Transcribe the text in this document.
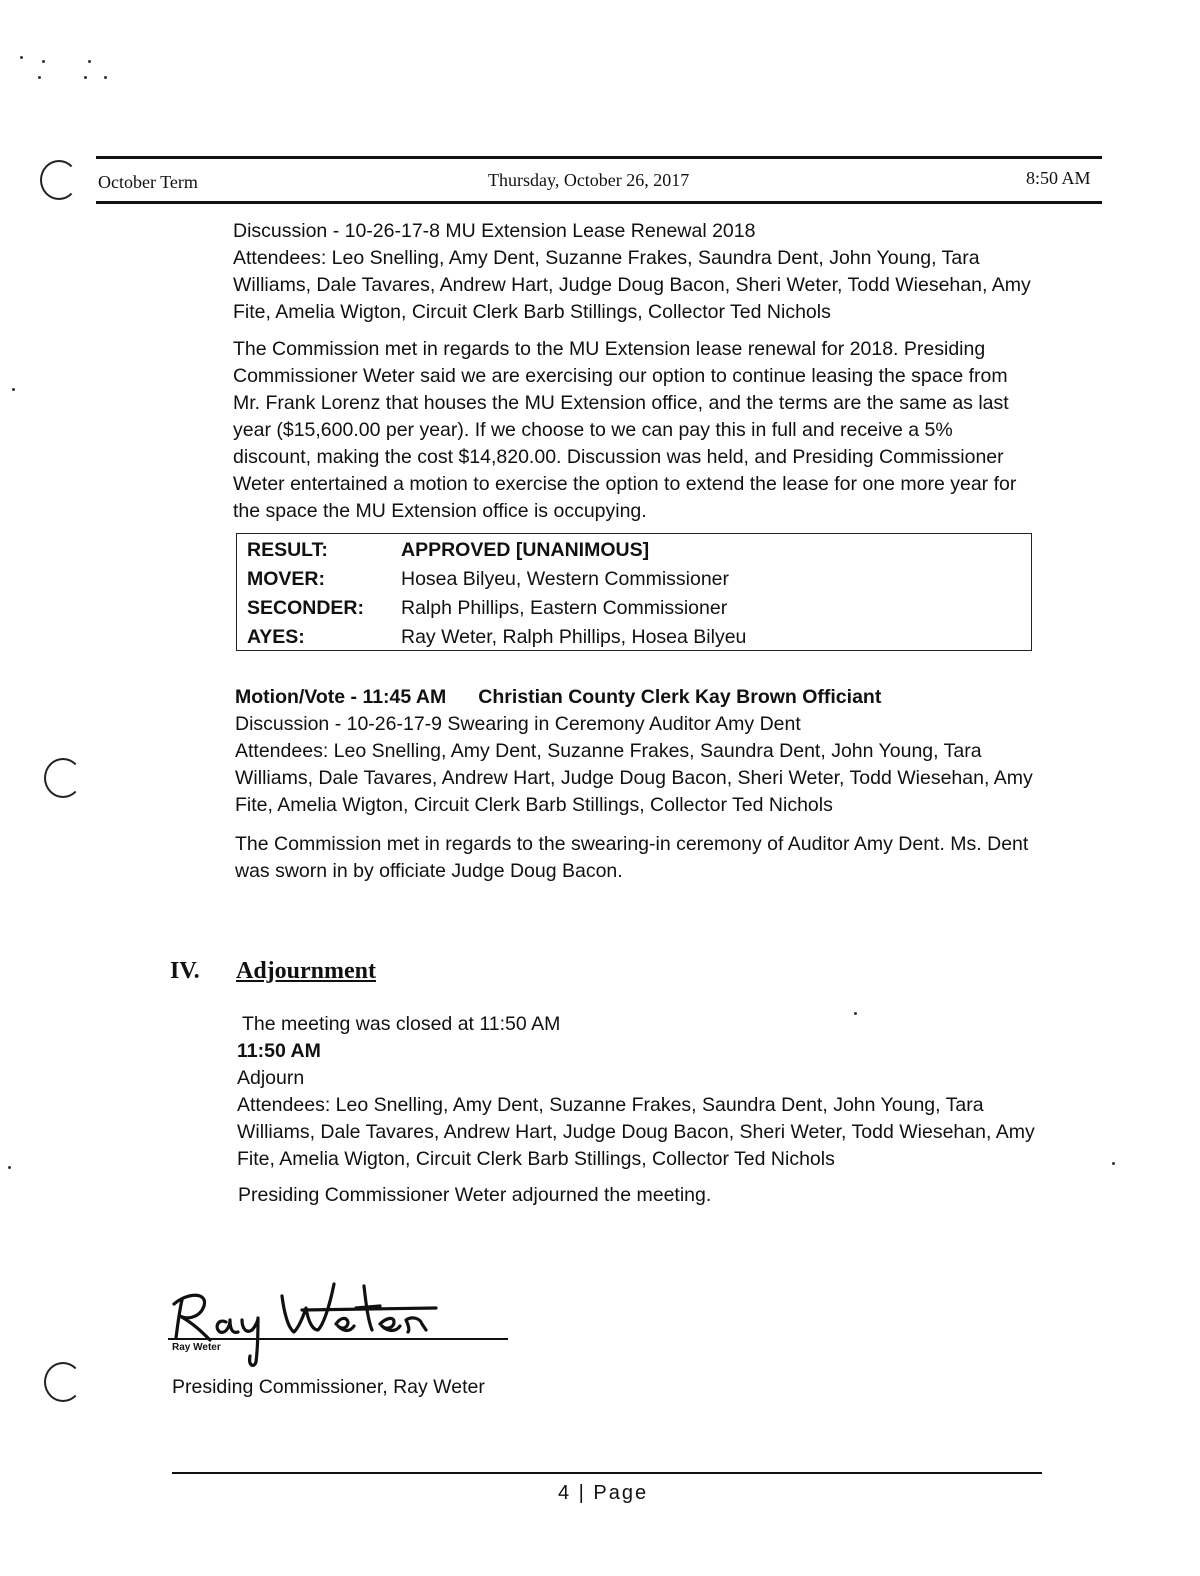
October Term	Thursday, October 26, 2017	8:50 AM

Discussion - 10-26-17-8 MU Extension Lease Renewal 2018

Attendees: Leo Snelling, Amy Dent, Suzanne Frakes, Saundra Dent, John Young, Tara Williams, Dale Tavares, Andrew Hart, Judge Doug Bacon, Sheri Weter, Todd Wiesehan, Amy Fite, Amelia Wigton, Circuit Clerk Barb Stillings, Collector Ted Nichols

The Commission met in regards to the MU Extension lease renewal for 2018. Presiding Commissioner Weter said we are exercising our option to continue leasing the space from Mr. Frank Lorenz that houses the MU Extension office, and the terms are the same as last year ($15,600.00 per year). If we choose to we can pay this in full and receive a 5% discount, making the cost $14,820.00. Discussion was held, and Presiding Commissioner Weter entertained a motion to exercise the option to extend the lease for one more year for the space the MU Extension office is occupying.
RESULT:	APPROVED [UNANIMOUS]
MOVER:	Hosea Bilyeu, Western Commissioner
SECONDER: Ralph Phillips, Eastern Commissioner
AYES:	Ray Weter, Ralph Phillips, Hosea Bilyeu

Motion/Vote - 11:45 AM Christian County Clerk Kay Brown Officiant

Discussion - 10-26-17-9 Swearing in Ceremony Auditor Amy Dent

Attendees: Leo Snelling, Amy Dent, Suzanne Frakes, Saundra Dent, John Young, Tara Williams, Dale Tavares, Andrew Hart, Judge Doug Bacon, Sheri Weter, Todd Wiesehan, Amy Fite, Amelia Wigton, Circuit Clerk Barb Stillings, Collector Ted Nichols

The Commission met in regards to the swearing-in ceremony of Auditor Amy Dent. Ms. Dent was sworn in by officiate Judge Doug Bacon.
IV. Adjournment
The meeting was closed at 11:50 AM

11:50 AM

Adjourn

Attendees: Leo Snelling, Amy Dent, Suzanne Frakes, Saundra Dent, John Young, Tara Williams, Dale Tavares, Andrew Hart, Judge Doug Bacon, Sheri Weter, Todd Wiesehan, Amy Fite, Amelia Wigton, Circuit Clerk Barb Stillings, Collector Ted Nichols

Presiding Commissioner Weter adjourned the meeting.
Ray Weter
Presiding Commissioner, Ray Weter
4 | Page
